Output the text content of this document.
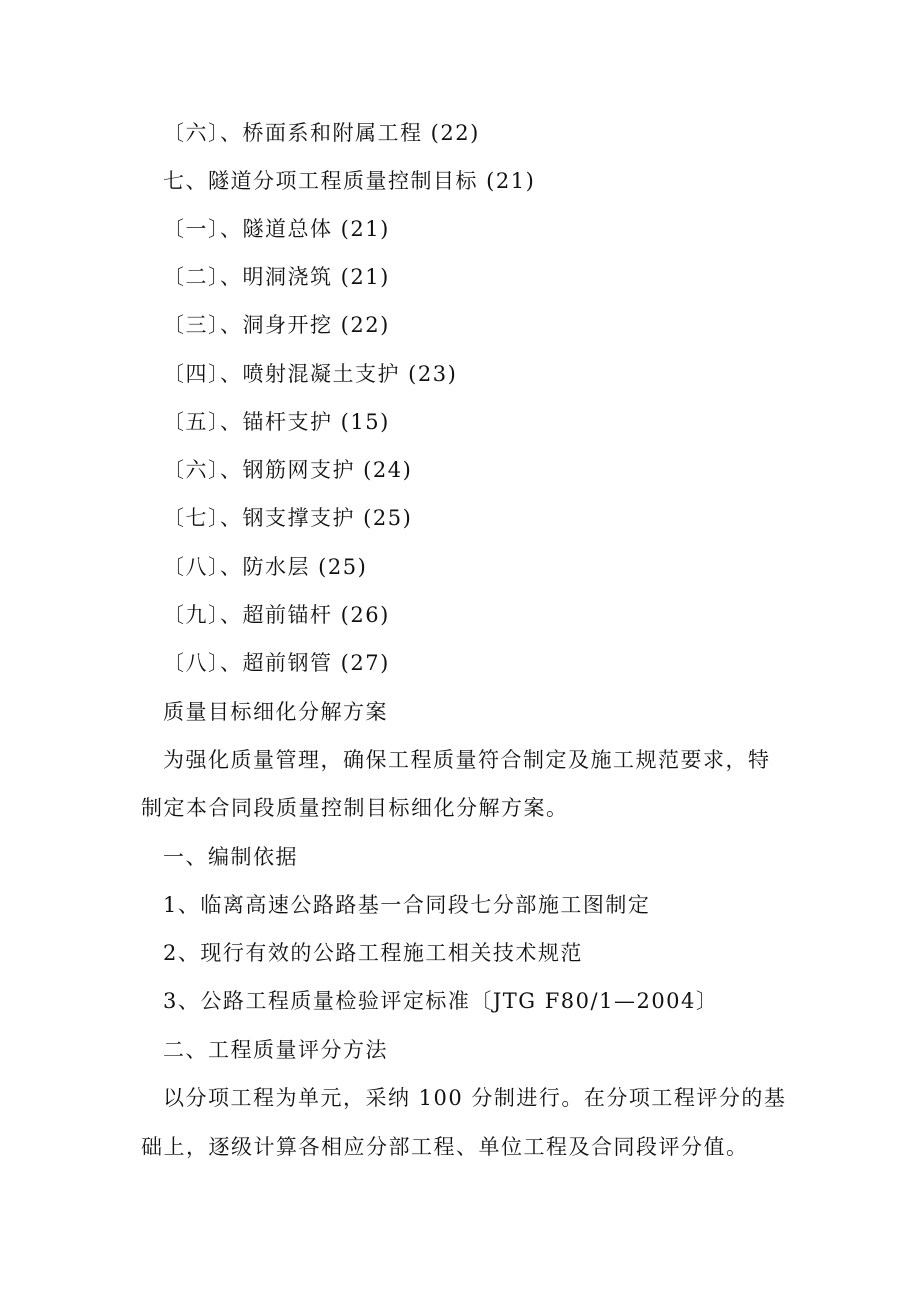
〔六〕、桥面系和附属工程 (22)
七、隧道分项工程质量控制目标 (21)
〔一〕、隧道总体 (21)
〔二〕、明洞浇筑 (21)
〔三〕、洞身开挖 (22)
〔四〕、喷射混凝土支护 (23)
〔五〕、锚杆支护 (15)
〔六〕、钢筋网支护 (24)
〔七〕、钢支撑支护 (25)
〔八〕、防水层 (25)
〔九〕、超前锚杆 (26)
〔八〕、超前钢管 (27)
质量目标细化分解方案
为强化质量管理，确保工程质量符合制定及施工规范要求，特
制定本合同段质量控制目标细化分解方案。
一、编制依据
1、临离高速公路路基一合同段七分部施工图制定
2、现行有效的公路工程施工相关技术规范
3、公路工程质量检验评定标准〔JTG F80/1—2004〕
二、工程质量评分方法
以分项工程为单元，采纳 100 分制进行。在分项工程评分的基
础上，逐级计算各相应分部工程、单位工程及合同段评分值。
